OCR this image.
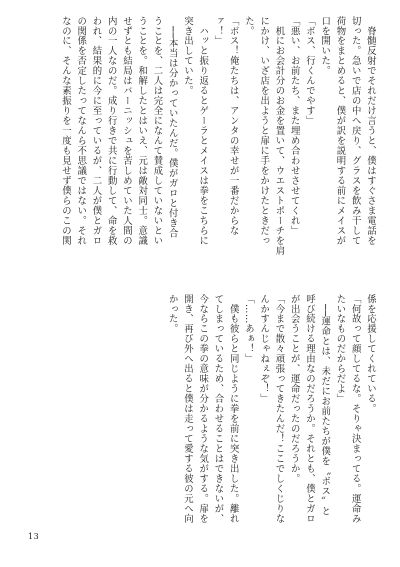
　脊髄反射でそれだけ言うと、僕はすぐさま電話を

切った。急いで店の中へ戻り、グラスを飲み干して

荷物をまとめると、僕が訳を説明する前にメイスが

口を開いた。

「ボス、行くんでやす」

「悪い、お前たち、また埋め合わせさせてくれ」

　机にお会計分のお金を置いて、ウエストポーチを肩

にかけ、いざ店を出ようと扉に手をかけたときだっ

た。

「ボス！俺たちは、アンタの幸せが一番だからな

ァ！」

　ハッと振り返るとゲーラとメイスは拳をこちらに

突き出していた。

　──本当は分かっていたんだ。僕がガロと付き合

うことを、二人は完全になんて賛成していないとい

うことを。和解したとはいえ、元は敵対同士。意識

せずとも結局はバーニッシュを苦しめていた人間の

内の一人なのだ。成り行きで共に行動して、命を救

われ、結果的に今に至っているが、二人が僕とガロ

の関係を否定したってなんら不思議ではない。それ

なのに、そんな素振りを一度も見せず僕らのこの関

係を応援してくれている。

「何故って顔してるな。そりゃ決まってる。運命み

たいなものだからだよ」

　──運命とは、未だにお前たちが僕を〝ボス〟と

呼び続ける理由なのだろうか。それとも、僕とガロ

が出会うことが、運命だったのだろうか。

「今まで散々頑張ってきたんだ！ここでしくじりな

んかすんじゃねぇぞ！」

「……あぁ！」

　僕も彼らと同じように拳を前に突き出した。離れ

てしまっているため、合わせることはできないが、

今ならこの拳の意味が分かるような気がする。扉を

開き、再び外へ出ると僕は走って愛する彼の元へ向

かった。

13
